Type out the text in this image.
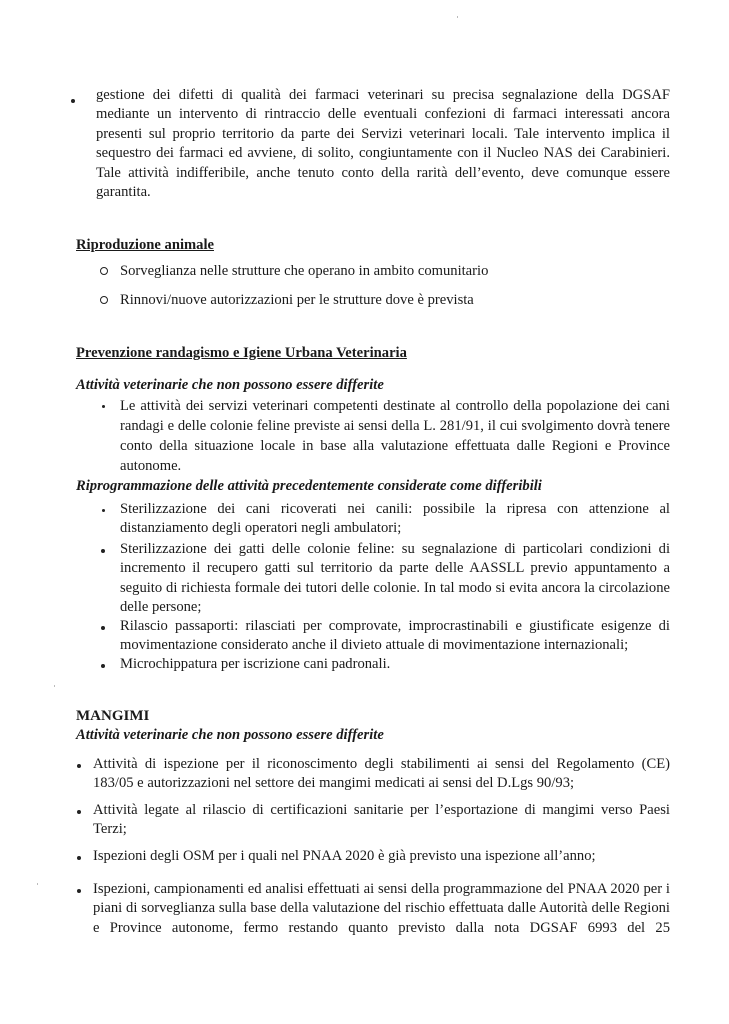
gestione dei difetti di qualità dei farmaci veterinari su precisa segnalazione della DGSAF mediante un intervento di rintraccio delle eventuali confezioni di farmaci interessati ancora presenti sul proprio territorio da parte dei Servizi veterinari locali. Tale intervento implica il sequestro dei farmaci ed avviene, di solito, congiuntamente con il Nucleo NAS dei Carabinieri. Tale attività indifferibile, anche tenuto conto della rarità dell’evento, deve comunque essere garantita.
Riproduzione animale
Sorveglianza nelle strutture che operano in ambito comunitario
Rinnovi/nuove autorizzazioni per le strutture dove è prevista
Prevenzione randagismo e Igiene Urbana Veterinaria
Attività veterinarie che non possono essere differite
Le attività dei servizi veterinari competenti destinate al controllo della popolazione dei cani randagi e delle colonie feline previste ai sensi della L. 281/91, il cui svolgimento dovrà tenere conto della situazione locale in base alla valutazione effettuata dalle Regioni e Province autonome.
Riprogrammazione delle attività precedentemente considerate come differibili
Sterilizzazione dei cani ricoverati nei canili: possibile la ripresa con attenzione al distanziamento degli operatori negli ambulatori;
Sterilizzazione dei gatti delle colonie feline: su segnalazione di particolari condizioni di incremento il recupero gatti sul territorio da parte delle AASSLL previo appuntamento a seguito di richiesta formale dei tutori delle colonie. In tal modo si evita ancora la circolazione delle persone;
Rilascio passaporti: rilasciati per comprovate, improcrastinabili e giustificate esigenze di movimentazione considerato anche il divieto attuale di movimentazione internazionali;
Microchippatura per iscrizione cani padronali.
MANGIMI
Attività veterinarie che non possono essere differite
Attività di ispezione per il riconoscimento degli stabilimenti ai sensi del Regolamento (CE) 183/05 e autorizzazioni nel settore dei mangimi medicati ai sensi del D.Lgs 90/93;
Attività legate al rilascio di certificazioni sanitarie per l’esportazione di mangimi verso Paesi Terzi;
Ispezioni degli OSM per i quali nel PNAA 2020 è già previsto una ispezione all’anno;
Ispezioni, campionamenti ed analisi effettuati ai sensi della programmazione del PNAA 2020 per i piani di sorveglianza sulla base della valutazione del rischio effettuata dalle Autorità delle Regioni e Province autonome, fermo restando quanto previsto dalla nota DGSAF 6993 del 25
